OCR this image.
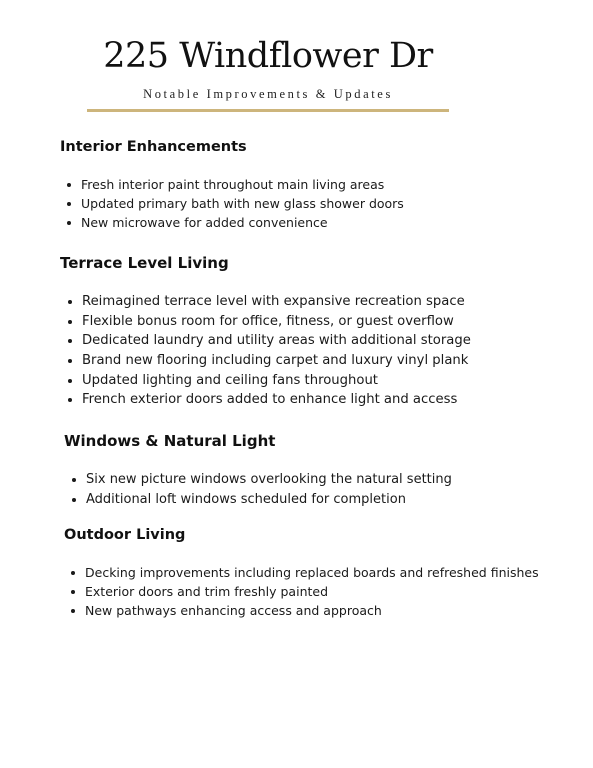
225 Windflower Dr
Notable Improvements & Updates
Interior Enhancements
Fresh interior paint throughout main living areas
Updated primary bath with new glass shower doors
New microwave for added convenience
Terrace Level Living
Reimagined terrace level with expansive recreation space
Flexible bonus room for office, fitness, or guest overflow
Dedicated laundry and utility areas with additional storage
Brand new flooring including carpet and luxury vinyl plank
Updated lighting and ceiling fans throughout
French exterior doors added to enhance light and access
Windows & Natural Light
Six new picture windows overlooking the natural setting
Additional loft windows scheduled for completion
Outdoor Living
Decking improvements including replaced boards and refreshed finishes
Exterior doors and trim freshly painted
New pathways enhancing access and approach
